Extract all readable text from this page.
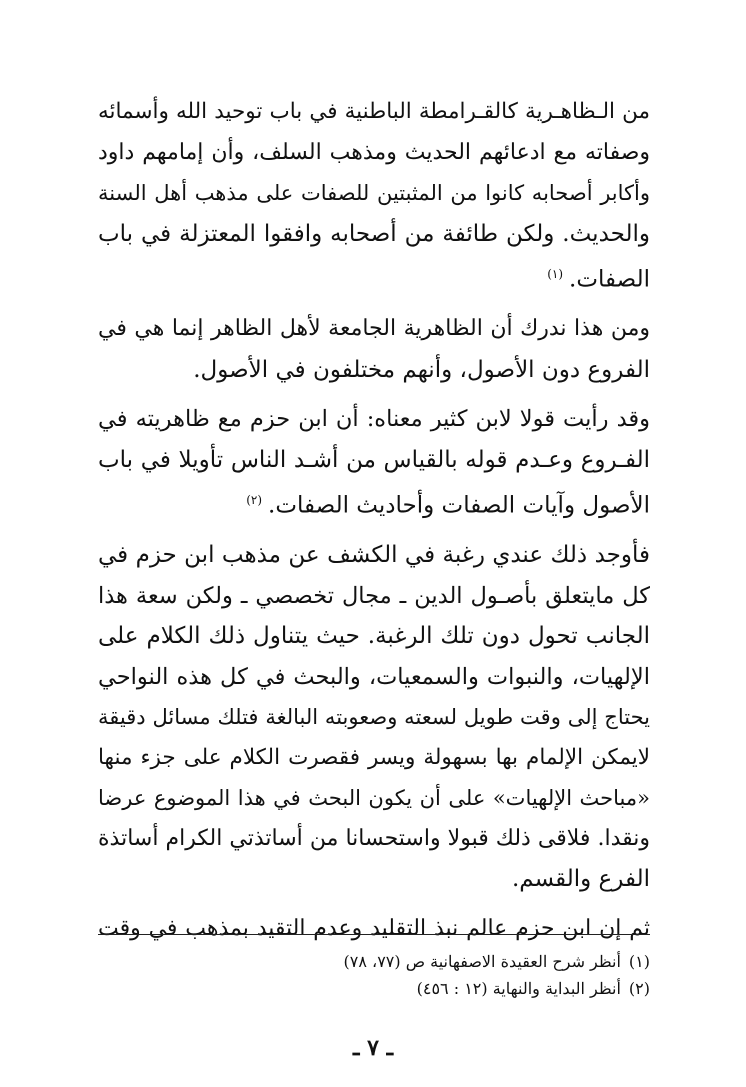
من الـظاهـرية كالقـرامطة الباطنية في باب توحيد الله وأسمائه
وصفاته مع ادعائهم الحديث ومذهب السلف، وأن إمامهم داود
وأكابر أصحابه كانوا من المثبتين للصفات على مذهب أهل السنة
والحديث. ولكن طائفة من أصحابه وافقوا المعتزلة في باب
الصفات.$^{(١)}$

ومن هذا ندرك أن الظاهرية الجامعة لأهل الظاهر إنما هي في
الفروع دون الأصول، وأنهم مختلفون في الأصول.

وقد رأيت قولا لابن كثير معناه: أن ابن حزم مع ظاهريته في
الفـروع وعـدم قوله بالقياس من أشـد الناس تأويلا في باب
الأصول وآيات الصفات وأحاديث الصفات.$^{(٢)}$

فأوجد ذلك عندي رغبة في الكشف عن مذهب ابن حزم في
كل مايتعلق بأصـول الدين ـ مجال تخصصي ـ ولكن سعة هذا
الجانب تحول دون تلك الرغبة. حيث يتناول ذلك الكلام على
الإلهيات، والنبوات والسمعيات، والبحث في كل هذه النواحي
يحتاج إلى وقت طويل لسعته وصعوبته البالغة فتلك مسائل دقيقة
لايمكن الإلمام بها بسهولة ويسر فقصرت الكلام على جزء منها
«مباحث الإلهيات» على أن يكون البحث في هذا الموضوع عرضا
ونقدا. فلاقى ذلك قبولا واستحسانا من أساتذتي الكرام أساتذة
الفرع والقسم.

ثم إن ابن حزم عالم نبذ التقليد وعدم التقيد بمذهب في وقت

(١)أنظر شرح العقيدة الاصفهانية ص (٧٧، ٧٨)
(٢)أنظر البداية والنهاية (١٢ : ٤٥٦)
ـ ٧ ـ
